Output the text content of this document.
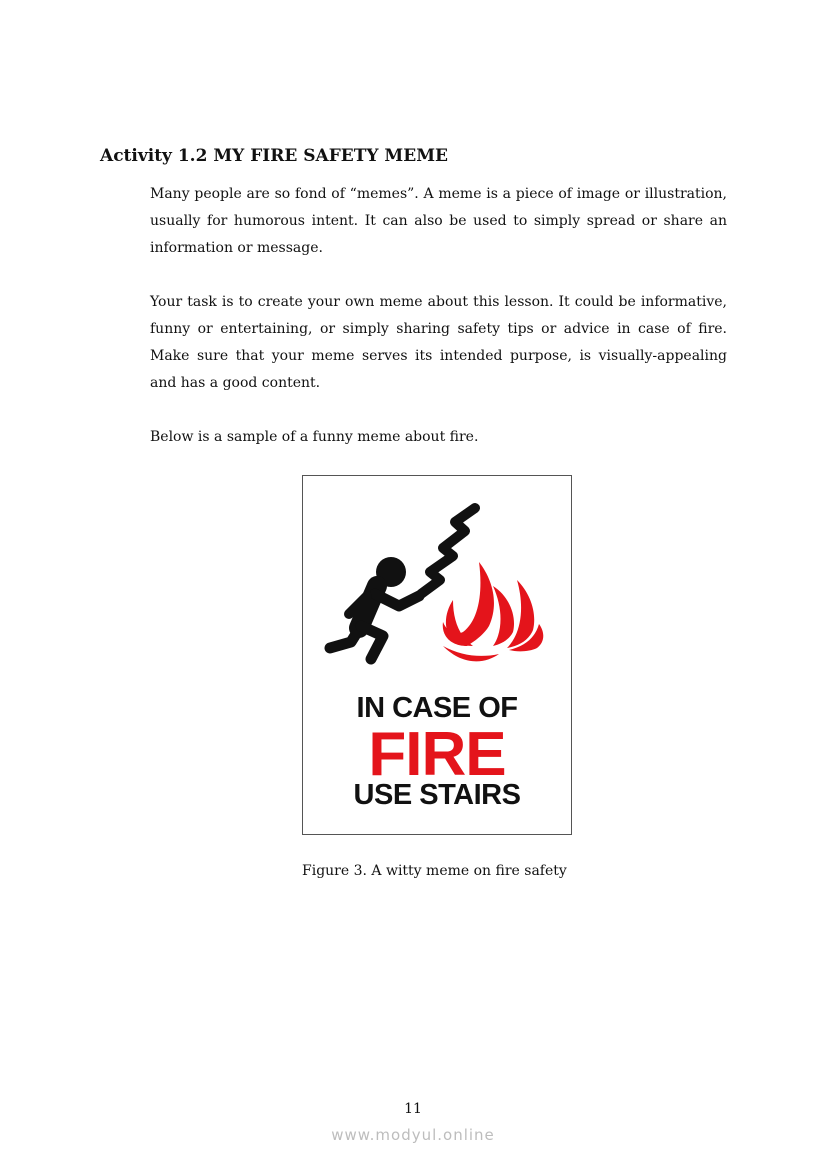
Activity 1.2 MY FIRE SAFETY MEME

Many people are so fond of “memes”. A meme is a piece of image or illustration, usually for humorous intent. It can also be used to simply spread or share an information or message.

Your task is to create your own meme about this lesson. It could be informative, funny or entertaining, or simply sharing safety tips or advice in case of fire. Make sure that your meme serves its intended purpose, is visually-appealing and has a good content.

Below is a sample of a funny meme about fire.

IN CASE OF
FIRE
USE STAIRS

Figure 3. A witty meme on fire safety

11
www.modyul.online
